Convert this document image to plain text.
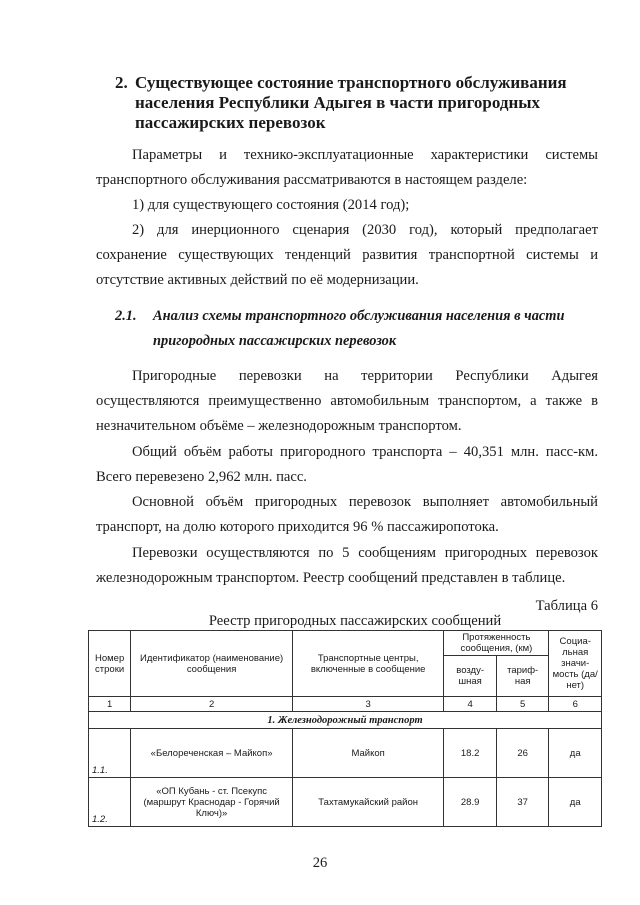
2. Существующее состояние транспортного обслуживания населения Республики Адыгея в части пригородных пассажирских перевозок
Параметры и технико-эксплуатационные характеристики системы транспортного обслуживания рассматриваются в настоящем разделе:
1) для существующего состояния (2014 год);
2) для инерционного сценария (2030 год), который предполагает сохранение существующих тенденций развития транспортной системы и отсутствие активных действий по её модернизации.
2.1. Анализ схемы транспортного обслуживания населения в части пригородных пассажирских перевозок
Пригородные перевозки на территории Республики Адыгея осуществляются преимущественно автомобильным транспортом, а также в незначительном объёме – железнодорожным транспортом.
Общий объём работы пригородного транспорта – 40,351 млн. пасс-км. Всего перевезено 2,962 млн. пасс.
Основной объём пригородных перевозок выполняет автомобильный транспорт, на долю которого приходится 96 % пассажиропотока.
Перевозки осуществляются по 5 сообщениям пригородных перевозок железнодорожным транспортом. Реестр сообщений представлен в таблице.
Таблица 6
Реестр пригородных пассажирских сообщений
Номер строки	Идентификатор (наименование) сообщения	Транспортные центры, включенные в сообщение	Протяженность сообщения, (км)		Социа-льная значи-мость (да/нет)
			возду-шная	тариф-ная	
1	2	3	4	5	6
1. Железнодорожный транспорт					
1.1.	«Белореченская – Майкоп»	Майкоп	18.2	26	да
1.2.	«ОП Кубань - ст. Псекупс (маршрут Краснодар - Горячий Ключ)»	Тахтамукайский район	28.9	37	да
26
